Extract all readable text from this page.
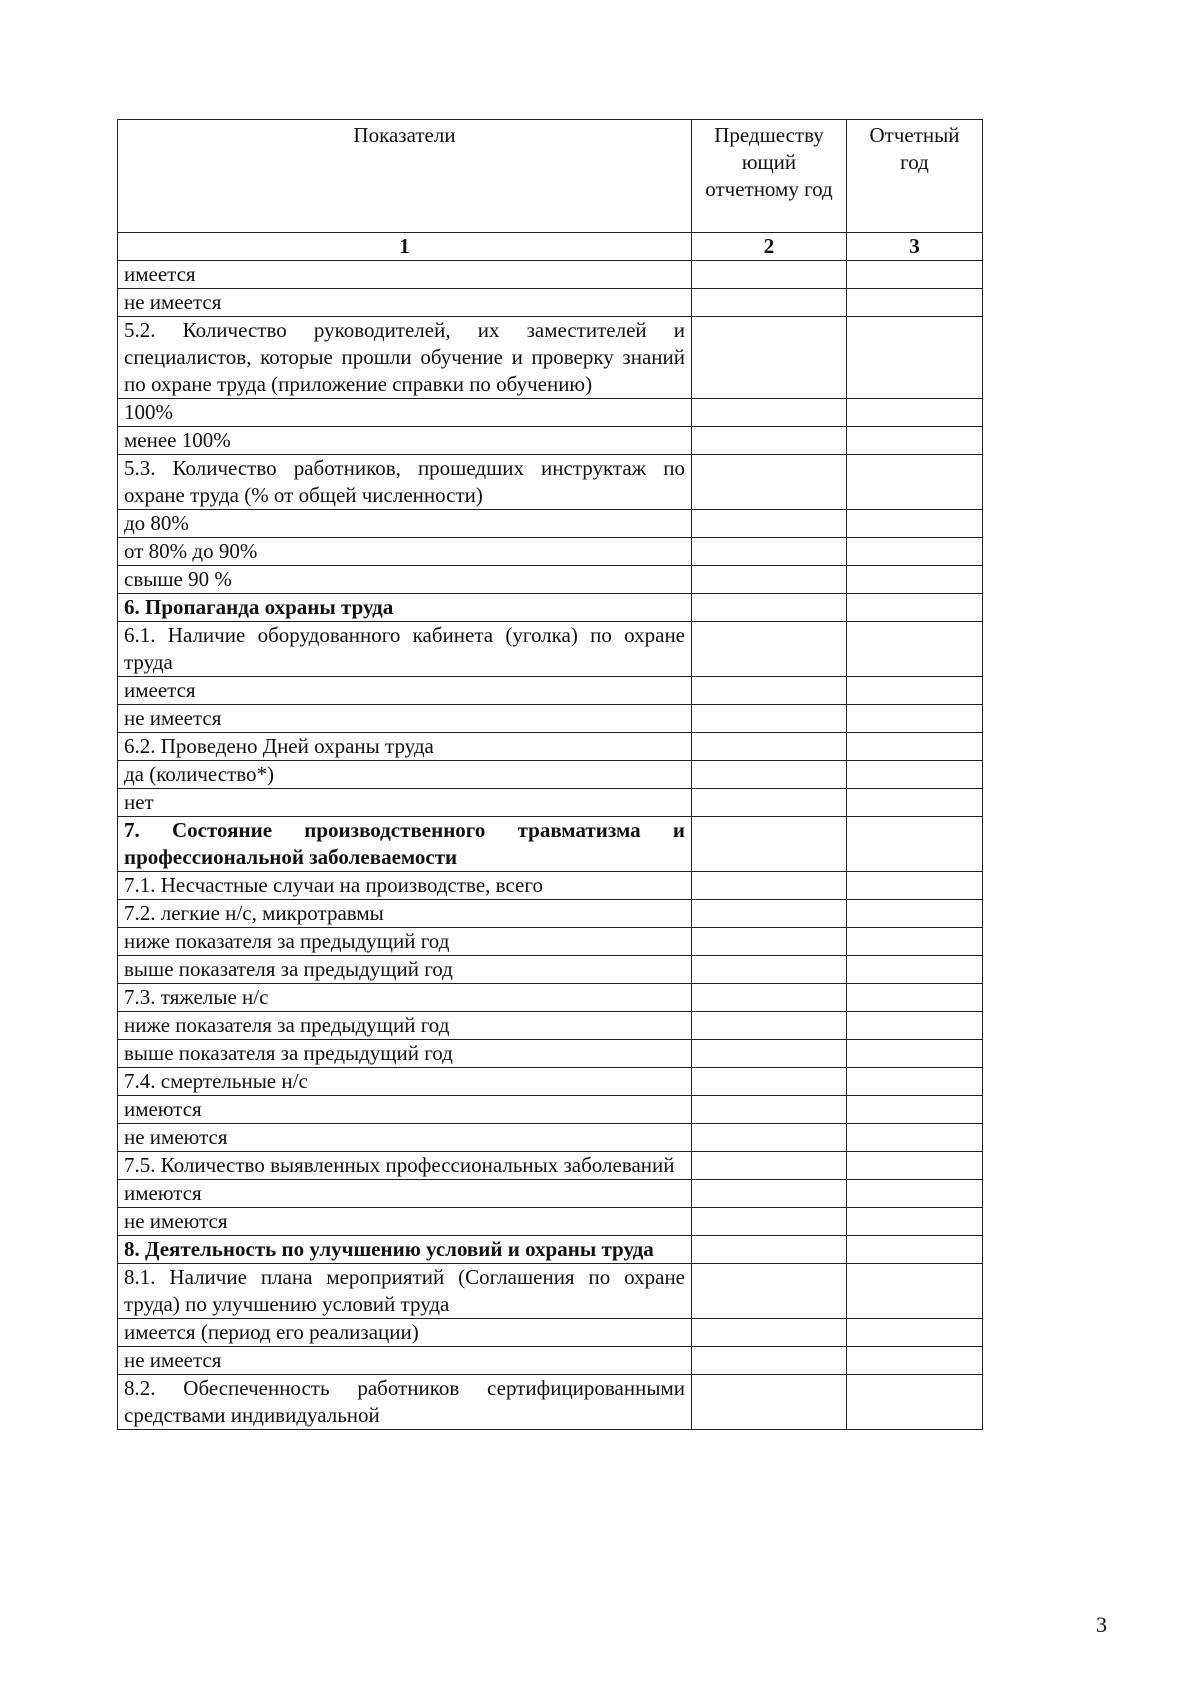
Показатели	Предшеству ющий отчетному год	Отчетный год
1	2	3
имеется		
не имеется		
5.2. Количество руководителей, их заместителей и специалистов, которые прошли обучение и проверку знаний по охране труда (приложение справки по обучению)		
100%		
менее 100%		
5.3. Количество работников, прошедших инструктаж по охране труда (% от общей численности)		
до 80%		
от 80% до 90%		
свыше 90 %		
6. Пропаганда охраны труда		
6.1. Наличие оборудованного кабинета (уголка) по охране труда		
имеется		
не имеется		
6.2. Проведено Дней охраны труда		
да (количество*)		
нет		
7. Состояние производственного травматизма и профессиональной заболеваемости		
7.1. Несчастные случаи на производстве, всего		
7.2. легкие н/с, микротравмы		
ниже показателя за предыдущий год		
выше показателя за предыдущий год		
7.3. тяжелые н/с		
ниже показателя за предыдущий год		
выше показателя за предыдущий год		
7.4. смертельные н/с		
имеются		
не имеются		
7.5. Количество выявленных профессиональных заболеваний		
имеются		
не имеются		
8. Деятельность по улучшению условий и охраны труда		
8.1. Наличие плана мероприятий (Соглашения по охране труда) по улучшению условий труда		
имеется (период его реализации)		
не имеется		
8.2. Обеспеченность работников сертифицированными средствами индивидуальной		
3
